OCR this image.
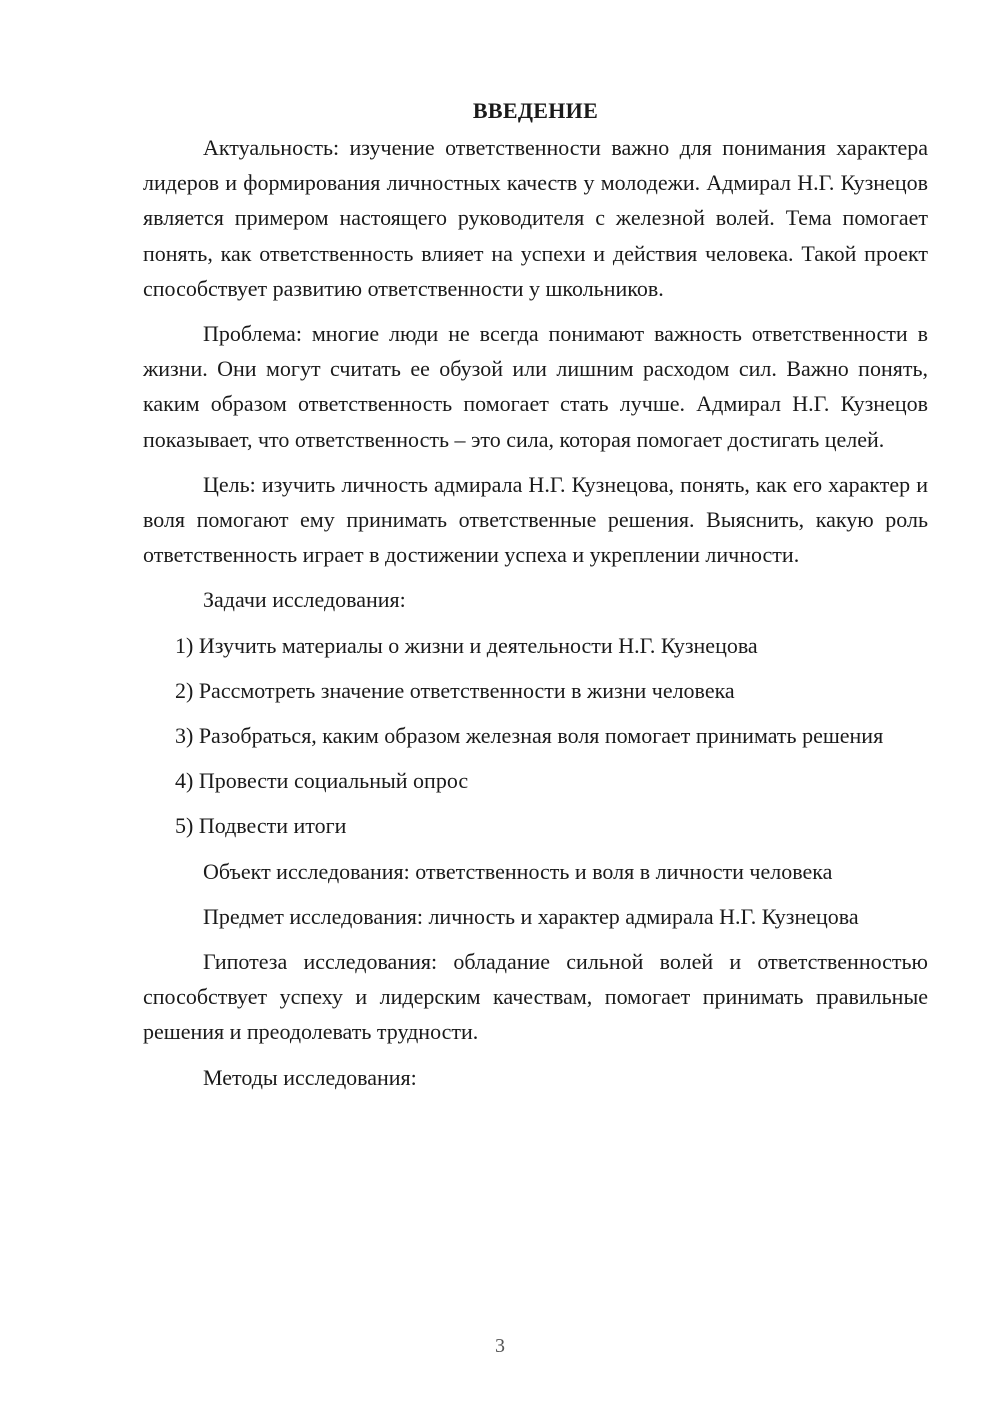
ВВЕДЕНИЕ

Актуальность: изучение ответственности важно для понимания характера лидеров и формирования личностных качеств у молодежи. Адмирал Н.Г. Кузнецов является примером настоящего руководителя с железной волей. Тема помогает понять, как ответственность влияет на успехи и действия человека. Такой проект способствует развитию ответственности у школьников.

Проблема: многие люди не всегда понимают важность ответственности в жизни. Они могут считать ее обузой или лишним расходом сил. Важно понять, каким образом ответственность помогает стать лучше. Адмирал Н.Г. Кузнецов показывает, что ответственность – это сила, которая помогает достигать целей.

Цель: изучить личность адмирала Н.Г. Кузнецова, понять, как его характер и воля помогают ему принимать ответственные решения. Выяснить, какую роль ответственность играет в достижении успеха и укреплении личности.

Задачи исследования:

1) Изучить материалы о жизни и деятельности Н.Г. Кузнецова

2) Рассмотреть значение ответственности в жизни человека

3) Разобраться, каким образом железная воля помогает принимать решения

4) Провести социальный опрос

5) Подвести итоги

Объект исследования: ответственность и воля в личности человека

Предмет исследования: личность и характер адмирала Н.Г. Кузнецова

Гипотеза исследования: обладание сильной волей и ответственностью способствует успеху и лидерским качествам, помогает принимать правильные решения и преодолевать трудности.

Методы исследования:

3
